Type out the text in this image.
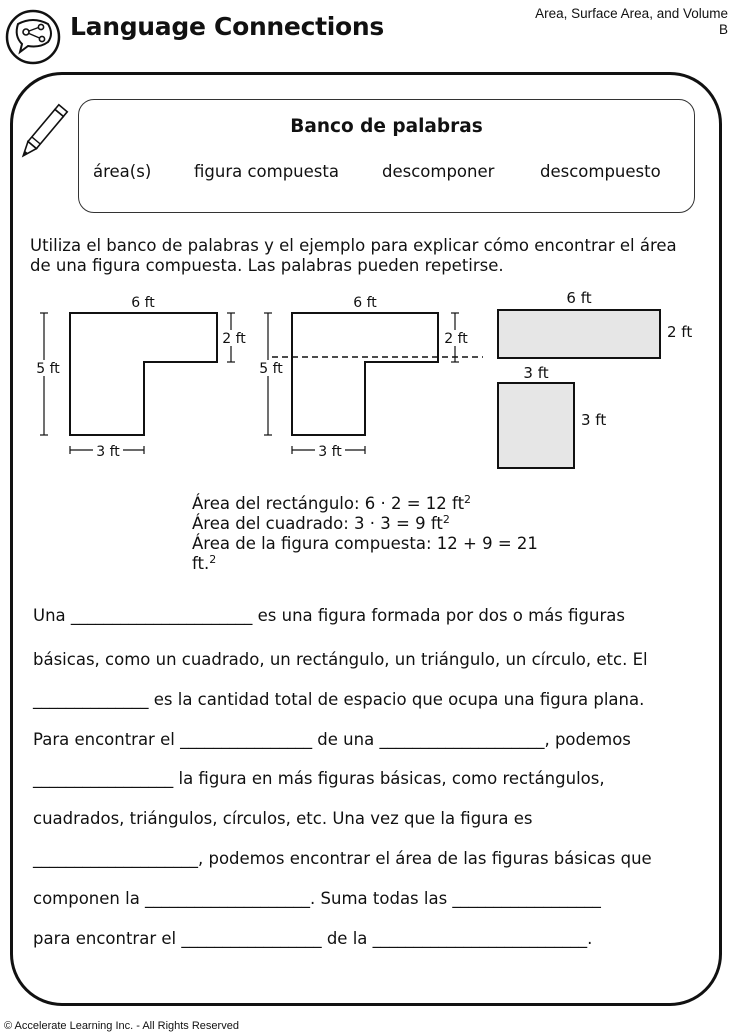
Language Connections	Area, Surface Area, and Volume
B
Banco de palabras
área(s)	figura compuesta	descomponer	descompuesto
Utiliza el banco de palabras y el ejemplo para explicar cómo encontrar el área de una figura compuesta. Las palabras pueden repetirse.
6 ft
2 ft
5 ft
3 ft
6 ft
2 ft
5 ft
3 ft
6 ft
2 ft
3 ft
3 ft
Área del rectángulo: 6 · 2 = 12 $ft^2$
Área del cuadrado: 3 · 3 = 9 $ft^2$
Área de la figura compuesta: 12 + 9 = 21
ft.$^2$
Una ______________________ es una figura formada por dos o más figuras
básicas, como un cuadrado, un rectángulo, un triángulo, un círculo, etc. El
______________ es la cantidad total de espacio que ocupa una figura plana.
Para encontrar el ________________ de una ____________________, podemos
_________________ la figura en más figuras básicas, como rectángulos,
cuadrados, triángulos, círculos, etc. Una vez que la figura es
____________________, podemos encontrar el área de las figuras básicas que
componen la ____________________. Suma todas las __________________
para encontrar el _________________ de la __________________________.
© Accelerate Learning Inc. - All Rights Reserved
